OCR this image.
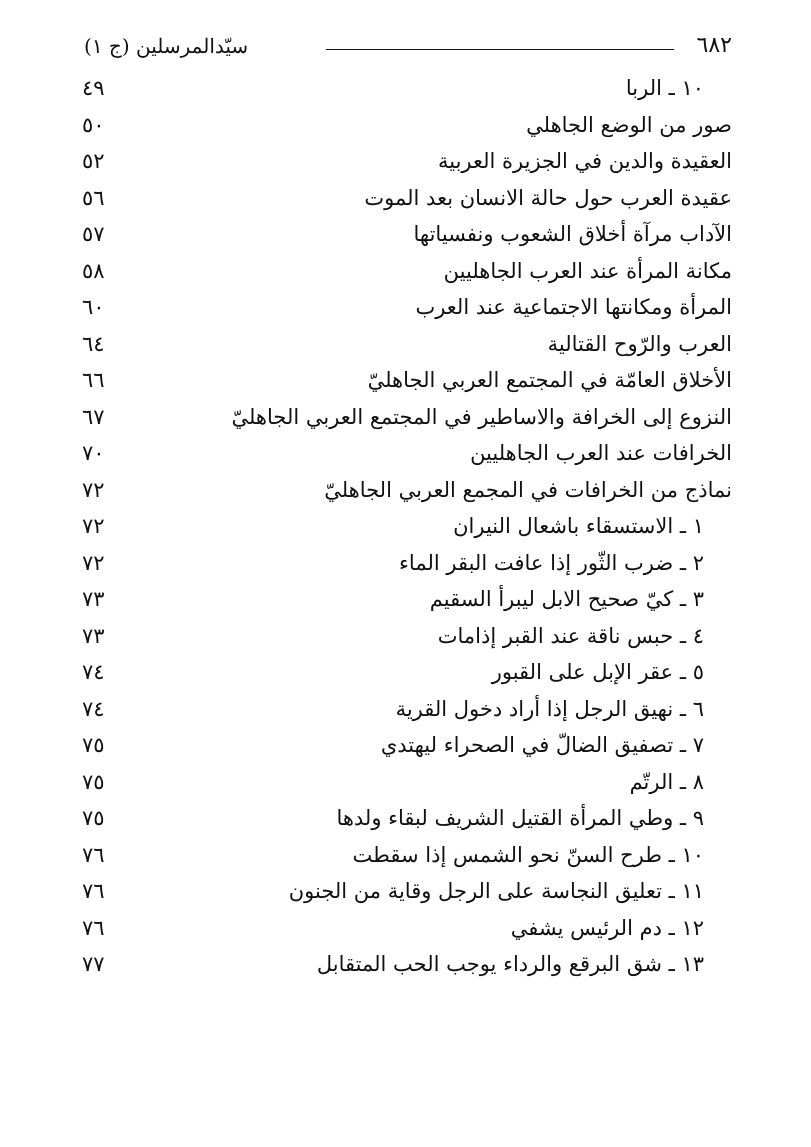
٦٨٢
سيّدالمرسلين (ج ١)
١٠ ـ الربا
٤٩
صور من الوضع الجاهلي
٥٠
العقيدة والدين في الجزيرة العربية
٥٢
عقيدة العرب حول حالة الانسان بعد الموت
٥٦
الآداب مرآة أخلاق الشعوب ونفسياتها
٥٧
مكانة المرأة عند العرب الجاهليين
٥٨
المرأة ومكانتها الاجتماعية عند العرب
٦٠
العرب والرّوح القتالية
٦٤
الأخلاق العامّة في المجتمع العربي الجاهليّ
٦٦
النزوع إلى الخرافة والاساطير في المجتمع العربي الجاهليّ
٦٧
الخرافات عند العرب الجاهليين
٧٠
نماذج من الخرافات في المجمع العربي الجاهليّ
٧٢
١ ـ الاستسقاء باشعال النيران
٧٢
٢ ـ ضرب الثّور إذا عافت البقر الماء
٧٢
٣ ـ كيّ صحيح الابل ليبرأ السقيم
٧٣
٤ ـ حبس ناقة عند القبر إذامات
٧٣
٥ ـ عقر الإبل على القبور
٧٤
٦ ـ نهيق الرجل إذا أراد دخول القرية
٧٤
٧ ـ تصفيق الضالّ في الصحراء ليهتدي
٧٥
٨ ـ الرتّم
٧٥
٩ ـ وطي المرأة القتيل الشريف لبقاء ولدها
٧٥
١٠ ـ طرح السنّ نحو الشمس إذا سقطت
٧٦
١١ ـ تعليق النجاسة على الرجل وقاية من الجنون
٧٦
١٢ ـ دم الرئيس يشفي
٧٦
١٣ ـ شق البرقع والرداء يوجب الحب المتقابل
٧٧
